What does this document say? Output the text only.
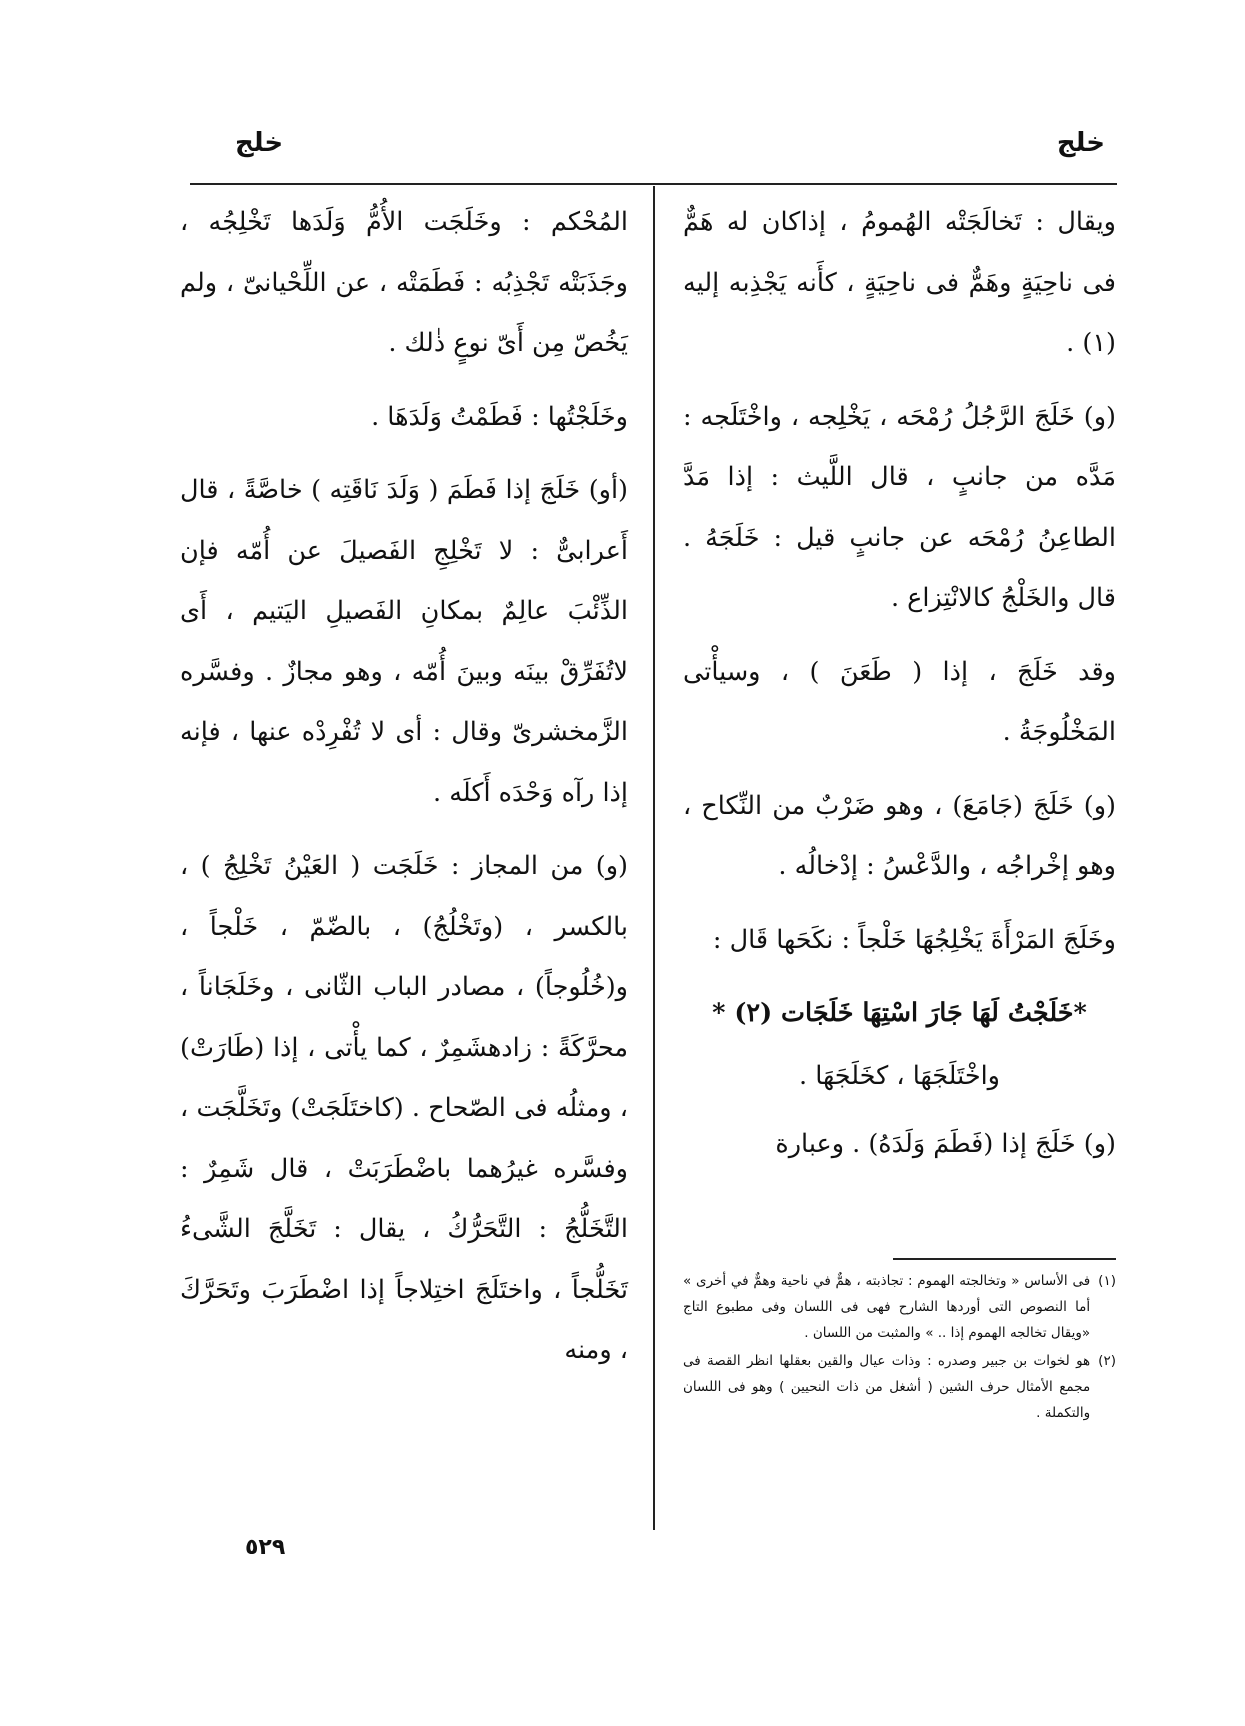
خلج
خلج

ويقال : تَخالَجَتْه الهُمومُ ، إذاكان له هَمٌّ فى ناحِيَةٍ وهَمٌّ فى ناحِيَةٍ ، كأَنه يَجْذِبه إليه (١) .

(و) خَلَجَ الرَّجُلُ رُمْحَه ، يَخْلِجه ، واخْتَلَجه : مَدَّه من جانبٍ ، قال اللَّيث : إذا مَدَّ الطاعِنُ رُمْحَه عن جانبٍ قيل : خَلَجَهُ . قال والخَلْجُ كالانْتِزاع .

وقد خَلَجَ ، إذا ( طَعَنَ ) ، وسيأْتى المَخْلُوجَةُ .

(و) خَلَجَ (جَامَعَ) ، وهو ضَرْبٌ من النِّكاح ، وهو إخْراجُه ، والدَّعْسُ : إدْخالُه .

وخَلَجَ المَرْأَةَ يَخْلِجُهَا خَلْجاً : نكَحَها قَال :

*خَلَجْتُ لَهَا جَارَ اسْتِهَا خَلَجَات (٢) *

واخْتَلَجَهَا ، كخَلَجَهَا .

(و) خَلَجَ إذا (فَطَمَ وَلَدَهُ) . وعبارة

(١)
فى الأساس « وتخالجته الهموم : تجاذبته ، همٌّ في ناحية وهمٌّ في أخرى » أما النصوص التى أوردها الشارح فهى فى اللسان وفى مطبوع التاج «ويقال تخالجه الهموم إذا .. » والمثبت من اللسان .
(٢)
هو لخوات بن جبير وصدره : وذات عيال والقين بعقلها انظر القصة فى مجمع الأمثال حرف الشين ( أشغل من ذات النحيين ) وهو فى اللسان والتكملة .

المُحْكم : وخَلَجَت الأُمُّ وَلَدَها تَخْلِجُه ، وجَذَبَتْه تَجْذِبُه : فَطَمَتْه ، عن اللِّحْيانىّ ، ولم يَخُصّ مِن أَىّ نوعٍ ذٰلك .

وخَلَجْتُها : فَطَمْتُ وَلَدَهَا .

(أو) خَلَجَ إذا فَطَمَ ( وَلَدَ نَاقَتِه ) خاصَّةً ، قال أَعرابىٌّ : لا تَخْلِجِ الفَصيلَ عن أُمّه فإن الذِّئْبَ عالِمٌ بمكانِ الفَصيلِ اليَتيم ، أَى لاتُفَرِّقْ بينَه وبينَ أُمّه ، وهو مجازٌ . وفسَّره الزَّمخشرىّ وقال : أى لا تُفْرِدْه عنها ، فإنه إذا رآه وَحْدَه أَكلَه .

(و) من المجاز : خَلَجَت ( العَيْنُ تَخْلِجُ ) ، بالكسر ، (وتَخْلُجُ) ، بالضّمّ ، خَلْجاً ، و(خُلُوجاً) ، مصادر الباب الثّانى ، وخَلَجَاناً ، محرَّكَةً : زادهشَمِرٌ ، كما يأْتى ، إذا (طَارَتْ) ، ومثلُه فى الصّحاح . (كاختَلَجَتْ) وتَخَلَّجَت ، وفسَّره غيرُهما باضْطَرَبَتْ ، قال شَمِرٌ : التَّخَلُّجُ : التَّحَرُّكُ ، يقال : تَخَلَّجَ الشَّىءُ تَخَلُّجاً ، واختَلَجَ اختِلاجاً إذا اضْطَرَبَ وتَحَرَّكَ ، ومنه

٥٢٩
